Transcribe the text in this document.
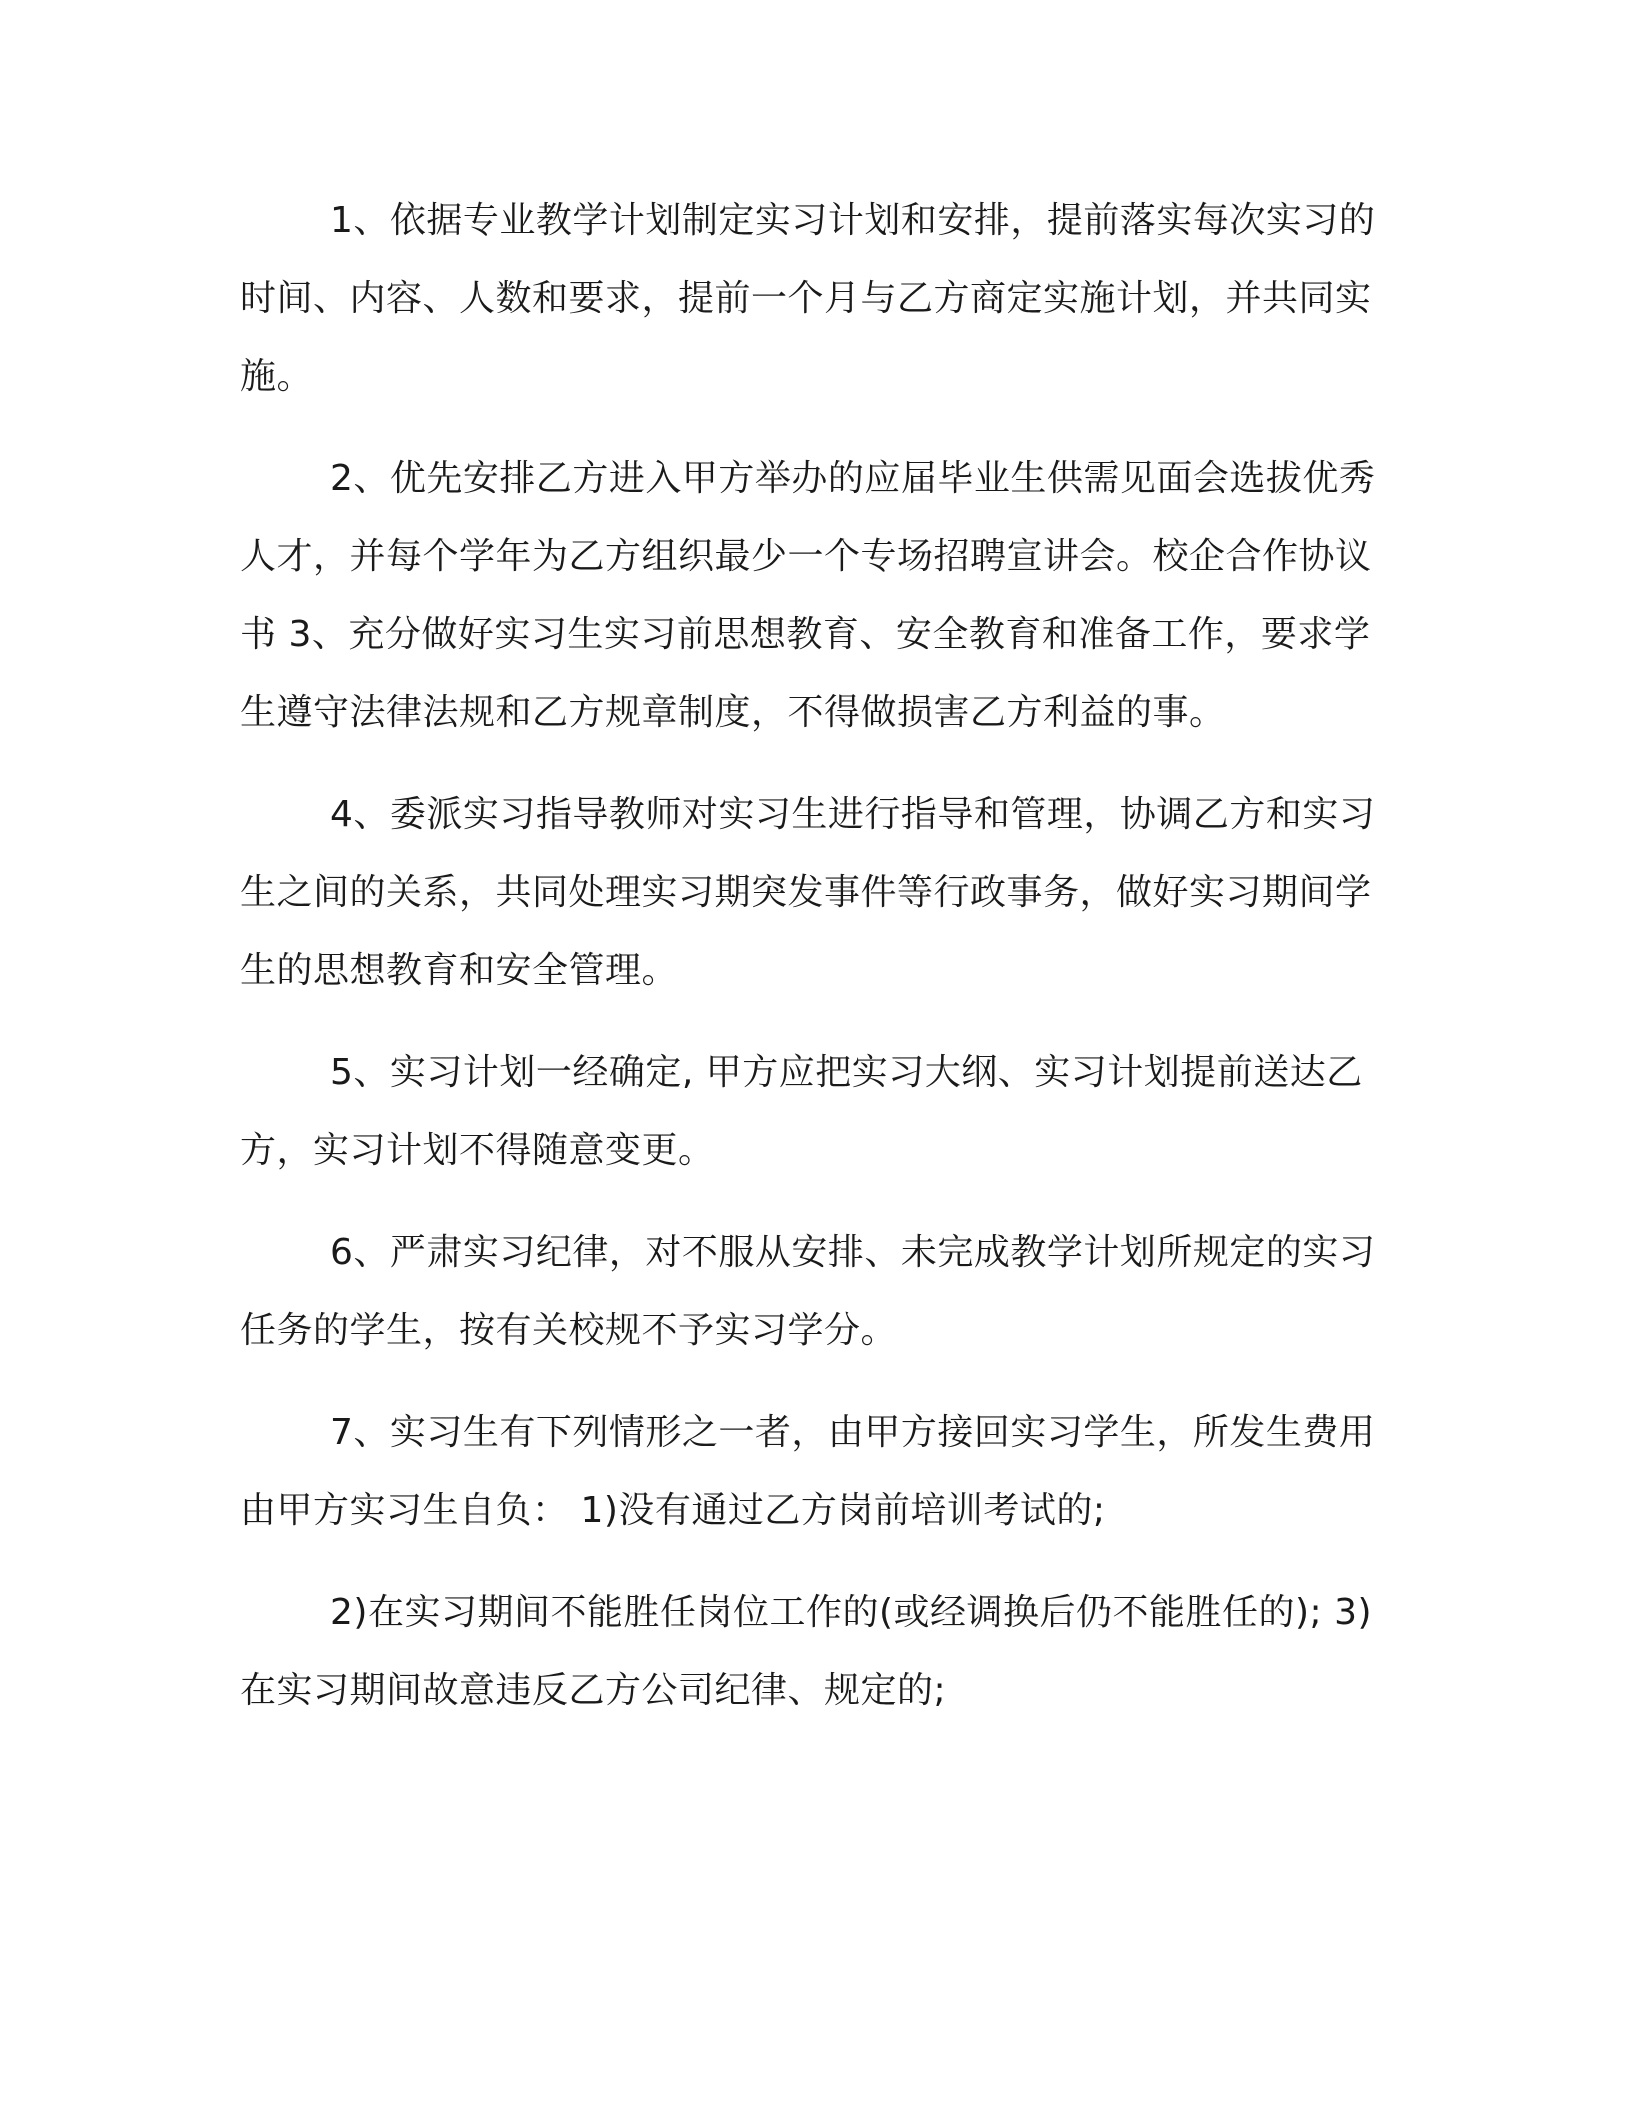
1、依据专业教学计划制定实习计划和安排，提前落实每次实习的时间、内容、人数和要求，提前一个月与乙方商定实施计划，并共同实施。

2、优先安排乙方进入甲方举办的应届毕业生供需见面会选拔优秀人才，并每个学年为乙方组织最少一个专场招聘宣讲会。校企合作协议书 3、充分做好实习生实习前思想教育、安全教育和准备工作，要求学生遵守法律法规和乙方规章制度，不得做损害乙方利益的事。

4、委派实习指导教师对实习生进行指导和管理，协调乙方和实习生之间的关系，共同处理实习期突发事件等行政事务，做好实习期间学生的思想教育和安全管理。

5、实习计划一经确定, 甲方应把实习大纲、实习计划提前送达乙方，实习计划不得随意变更。

6、严肃实习纪律，对不服从安排、未完成教学计划所规定的实习任务的学生，按有关校规不予实习学分。

7、实习生有下列情形之一者，由甲方接回实习学生，所发生费用由甲方实习生自负： 1)没有通过乙方岗前培训考试的;

2)在实习期间不能胜任岗位工作的(或经调换后仍不能胜任的); 3)在实习期间故意违反乙方公司纪律、规定的;
